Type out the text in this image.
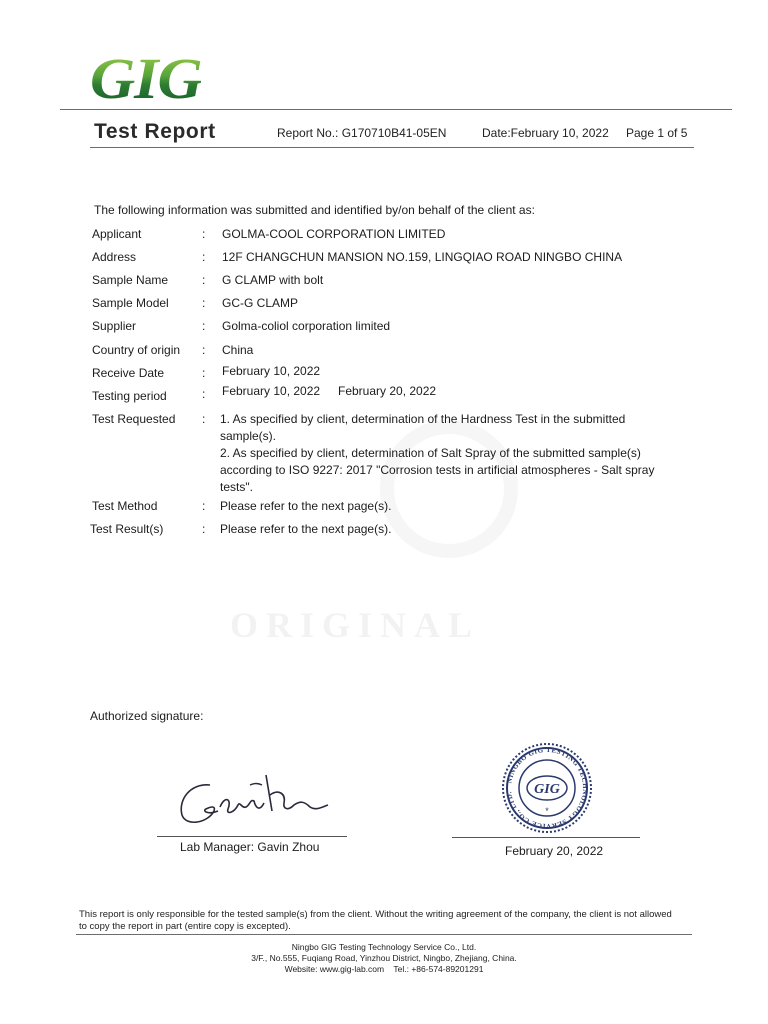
ORIGINAL
GIG
Test Report	Report No.: G170710B41-05EN	Date:February 10, 2022 Page 1 of 5
The following information was submitted and identified by/on behalf of the client as:
Applicant	: GOLMA-COOL CORPORATION LIMITED
Address	: 12F CHANGCHUN MANSION NO.159, LINGQIAO ROAD NINGBO CHINA
Sample Name	: G CLAMP with bolt
Sample Model	: GC-G CLAMP
Supplier	: Golma-coliol corporation limited
Country of origin	: China
Receive Date	: February 10, 2022
Testing period	: February 10, 2022 February 20, 2022
Test Requested	: 1. As specified by client, determination of the Hardness Test in the submitted
sample(s).
2. As specified by client, determination of Salt Spray of the submitted sample(s)
according to ISO 9227: 2017 "Corrosion tests in artificial atmospheres - Salt spray
tests".
Test Method	: Please refer to the next page(s).
Test Result(s)	: Please refer to the next page(s).
Authorized signature:
Lab Manager: Gavin Zhou
NINGBO GIG TESTING TECHNOLOGY SERVICE CO., LTD.	GIG
*
February 20, 2022
This report is only responsible for the tested sample(s) from the client. Without the writing agreement of the company, the client is not allowed
to copy the report in part (entire copy is excepted).
Ningbo GIG Testing Technology Service Co., Ltd.
3/F., No.555, Fuqiang Road, Yinzhou District, Ningbo, Zhejiang, China.
Website: www.gig-lab.com    Tel.: +86-574-89201291
